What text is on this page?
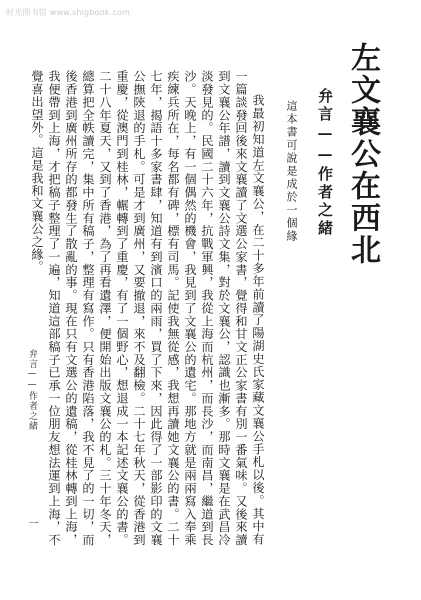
时光图书馆 www.shigbook.com
左文襄公在西北
弁言——作者之緒
這本書可說是成於一個緣

我最初知道左文襄公，在二十多年前讀了陽湖史氏家藏文襄公手札以後。其中有一篇談發回後來文襄讀了文選公家書，覺得和甘文正公家書有別一番氣味。又後來讀到文襄公年譜，讀到文襄公詩文集，對於文襄公，認識也漸多。那時文襄是在武昌冷淡發見的。民國二十六年，抗戰軍興，我從上海而杭州，而長沙，而南昌，繼道到長沙。天晚上，有一個偶然的機會，我見到了文襄公的遺宅。那地方就是兩兩寫入奉乘疾練兵所在，每名都有碑，標有司馬。記使我無從感，我想再讀她文襄公的書。二十七年，揭語十多家書肆，知道有到濱口的兩雨，買了下來，因此得了一部影印的文襄公撫陝退的手札。可是才到廣州，又要撤退，來不及翻檢。二十七年秋天，從香港到重慶，從澳門到桂林，輾轉到了重慶，有了一個野心，想退成一本記述文襄公的書。二十八年夏天，又到了香港，為了再看遺澤，便開始出版文襄公的札。三十年冬天，總算把全帙讀完，集中所有稿子，整理有寫作。只有香港陷落，我不見了的一切，而後香港到廣州所存的都發生了散亂的事。現在只有文選公的遺稿，從桂林轉到上海，我便帶到上海，才把稿子整理了一遍，知道這部稿子已承一位朋友想法運到上海，不覺喜出望外。這是我和文襄公之緣。

弁言——作者之緒
一
